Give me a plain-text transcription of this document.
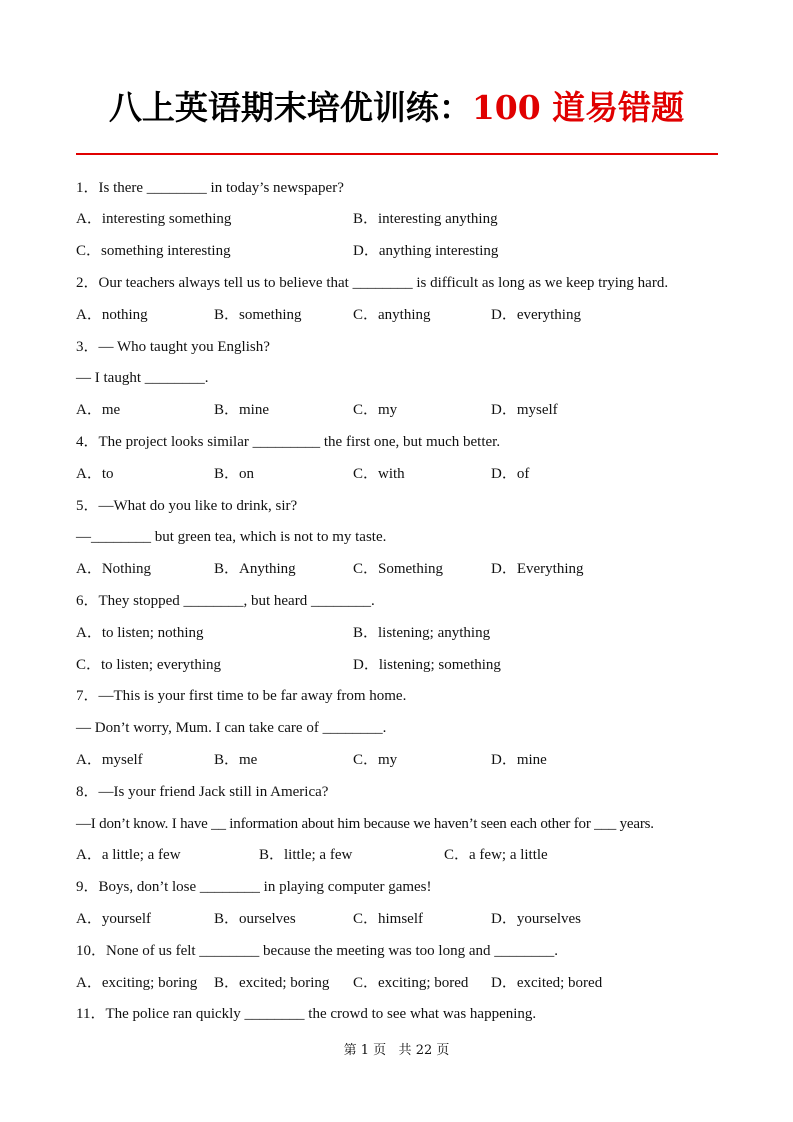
八上英语期末培优训练：100 道易错题
1．Is there ________ in today’s newspaper?
A．interesting something	B．interesting anything
C．something interesting	D．anything interesting
2．Our teachers always tell us to believe that ________ is difficult as long as we keep trying hard.
A．nothing	B．something	C．anything	D．everything
3．— Who taught you English?
— I taught ________.
A．me	B．mine	C．my	D．myself
4．The project looks similar _________ the first one, but much better.
A．to	B．on	C．with	D．of
5．—What do you like to drink, sir?
—________ but green tea, which is not to my taste.
A．Nothing	B．Anything	C．Something	D．Everything
6．They stopped ________, but heard ________.
A．to listen; nothing	B．listening; anything
C．to listen; everything	D．listening; something
7．—This is your first time to be far away from home.
— Don’t worry, Mum. I can take care of ________.
A．myself	B．me	C．my	D．mine
8．—Is your friend Jack still in America?
—I don’t know. I have __ information about him because we haven’t seen each other for ___ years.
A．a little; a few	B．little; a few	C．a few; a little
9．Boys, don’t lose ________ in playing computer games!
A．yourself	B．ourselves	C．himself	D．yourselves
10．None of us felt ________ because the meeting was too long and ________.
A．exciting; boring B．excited; boring C．exciting; bored D．excited; bored
11．The police ran quickly ________ the crowd to see what was happening.
第 1 页   共 22 页
